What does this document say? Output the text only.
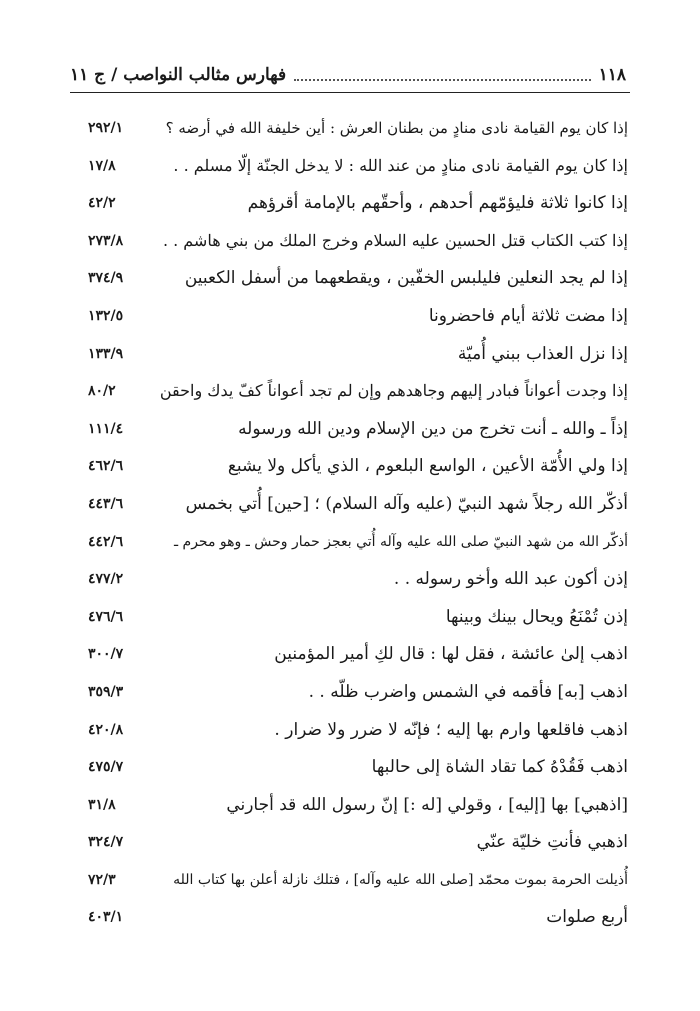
١١٨
فهارس مثالب النواصب / ج ١١
إذا كان يوم القيامة نادى منادٍ من بطنان العرش : أين خليفة الله في أرضه ؟
٢٩٢/١
إذا كان يوم القيامة نادى منادٍ من عند الله : لا يدخل الجنّة إلّا مسلم . .
١٧/٨
إذا كانوا ثلاثة فليؤمّهم أحدهم ، وأحقّهم بالإمامة أقرؤهم
٤٢/٢
إذا كتب الكتاب قتل الحسين عليه السلام وخرج الملك من بني هاشم . .
٢٧٣/٨
إذا لم يجد النعلين فليلبس الخفّين ، ويقطعهما من أسفل الكعبين
٣٧٤/٩
إذا مضت ثلاثة أيام فاحضرونا
١٣٢/٥
إذا نزل العذاب ببني أُميّة
١٣٣/٩
إذا وجدت أعواناً فبادر إليهم وجاهدهم وإن لم تجد أعواناً كفّ يدك واحقن
٨٠/٢
إذاً ـ والله ـ أنت تخرج من دين الإسلام ودين الله ورسوله
١١١/٤
إذا ولي الأُمّة الأعين ، الواسع البلعوم ، الذي يأكل ولا يشبع
٤٦٢/٦
أذكّر الله رجلاً شهد النبيّ (عليه وآله السلام) ؛ [حين] أُتي بخمس
٤٤٣/٦
أذكّر الله من شهد النبيّ صلى الله عليه وآله أُتي بعجز حمار وحش ـ وهو محرم ـ
٤٤٢/٦
إذن أكون عبد الله وأخو رسوله . .
٤٧٧/٢
إذن تُمْنَعُ ويحال بينك وبينها
٤٧٦/٦
اذهب إلىٰ عائشة ، فقل لها : قال لكِ أمير المؤمنين
٣٠٠/٧
اذهب [به] فأقمه في الشمس واضرب ظلّه . .
٣٥٩/٣
اذهب فاقلعها وارم بها إليه ؛ فإنّه لا ضرر ولا ضرار .
٤٢٠/٨
اذهب فَقُدْهُ كما تقاد الشاة إلى حالبها
٤٧٥/٧
[اذهبي] بها [إليه] ، وقولي [له :] إنّ رسول الله قد أجارني
٣١/٨
اذهبي فأنتِ خليّة عنّي
٣٢٤/٧
أُذيلت الحرمة بموت محمّد [صلى الله عليه وآله] ، فتلك نازلة أعلن بها كتاب الله
٧٢/٣
أربع صلوات
٤٠٣/١
